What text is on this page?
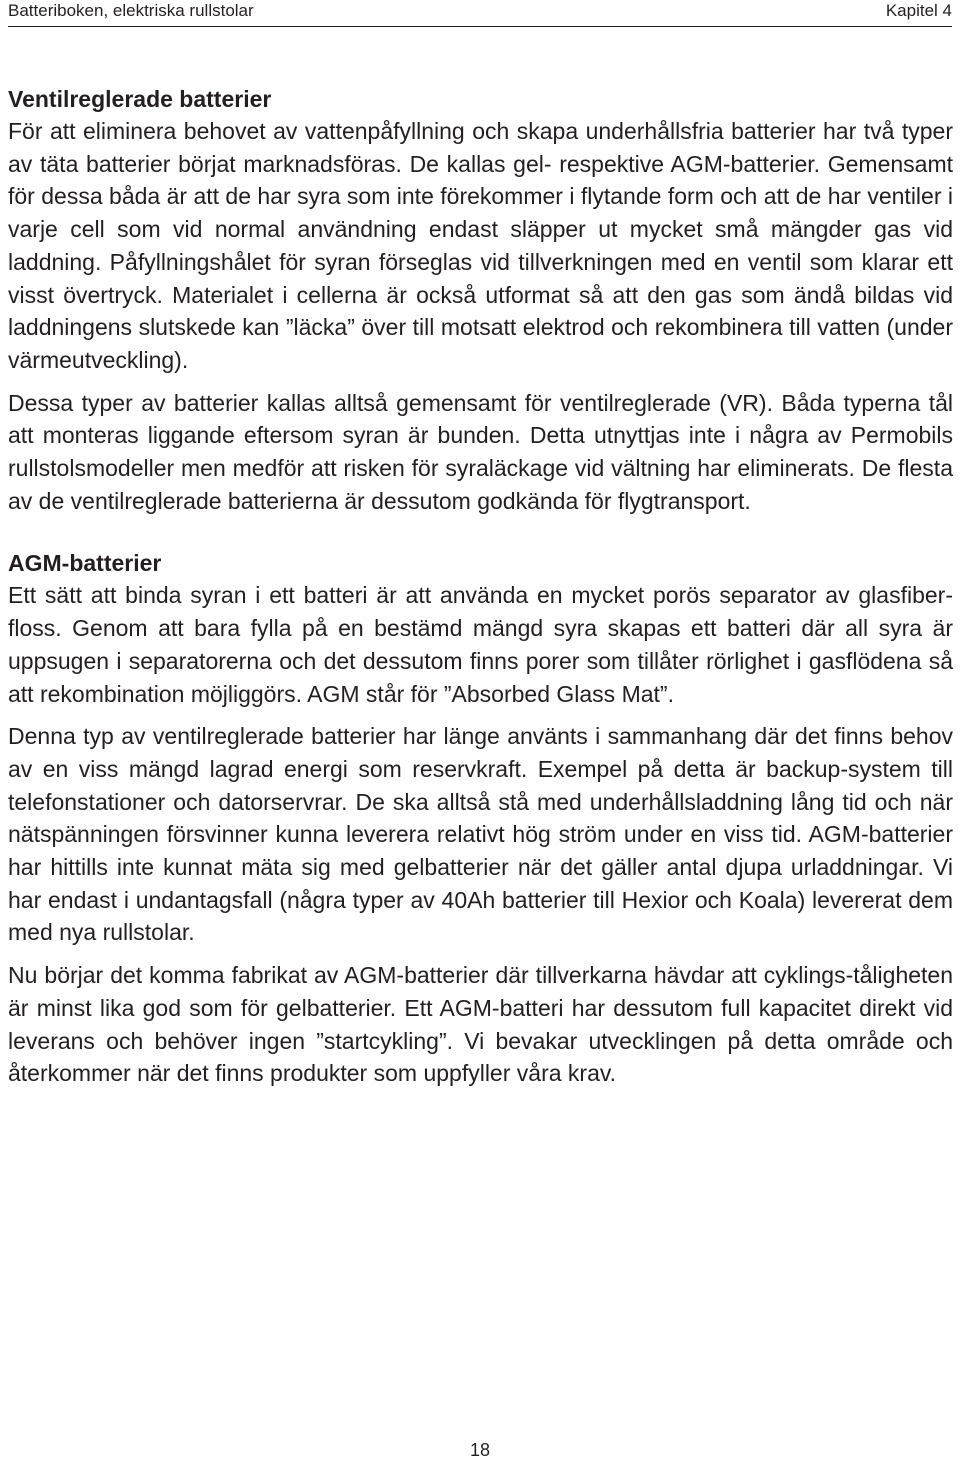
Batteriboken, elektriska rullstolar	Kapitel 4
Ventilreglerade batterier

För att eliminera behovet av vattenpåfyllning och skapa underhållsfria batterier har två typer av täta batterier börjat marknadsföras. De kallas gel- respektive AGM-batterier. Gemensamt för dessa båda är att de har syra som inte förekommer i flytande form och att de har ventiler i varje cell som vid normal användning endast släpper ut mycket små mängder gas vid laddning. Påfyllningshålet för syran förseglas vid tillverkningen med en ventil som klarar ett visst övertryck. Materialet i cellerna är också utformat så att den gas som ändå bildas vid laddningens slutskede kan ”läcka” över till motsatt elektrod och rekombinera till vatten (under värmeutveckling).

Dessa typer av batterier kallas alltså gemensamt för ventilreglerade (VR). Båda typerna tål att monteras liggande eftersom syran är bunden. Detta utnyttjas inte i några av Permobils rullstolsmodeller men medför att risken för syraläckage vid vältning har eliminerats. De flesta av de ventilreglerade batterierna är dessutom godkända för flygtransport.

AGM-batterier

Ett sätt att binda syran i ett batteri är att använda en mycket porös separator av glasfiber-floss. Genom att bara fylla på en bestämd mängd syra skapas ett batteri där all syra är uppsugen i separatorerna och det dessutom finns porer som tillåter rörlighet i gasflödena så att rekombination möjliggörs. AGM står för ”Absorbed Glass Mat”.

Denna typ av ventilreglerade batterier har länge använts i sammanhang där det finns behov av en viss mängd lagrad energi som reservkraft. Exempel på detta är backup-system till telefonstationer och datorservrar. De ska alltså stå med underhållsladdning lång tid och när nätspänningen försvinner kunna leverera relativt hög ström under en viss tid. AGM-batterier har hittills inte kunnat mäta sig med gelbatterier när det gäller antal djupa urladdningar. Vi har endast i undantagsfall (några typer av 40Ah batterier till Hexior och Koala) levererat dem med nya rullstolar.

Nu börjar det komma fabrikat av AGM-batterier där tillverkarna hävdar att cyklings-tåligheten är minst lika god som för gelbatterier. Ett AGM-batteri har dessutom full kapacitet direkt vid leverans och behöver ingen ”startcykling”. Vi bevakar utvecklingen på detta område och återkommer när det finns produkter som uppfyller våra krav.

18
